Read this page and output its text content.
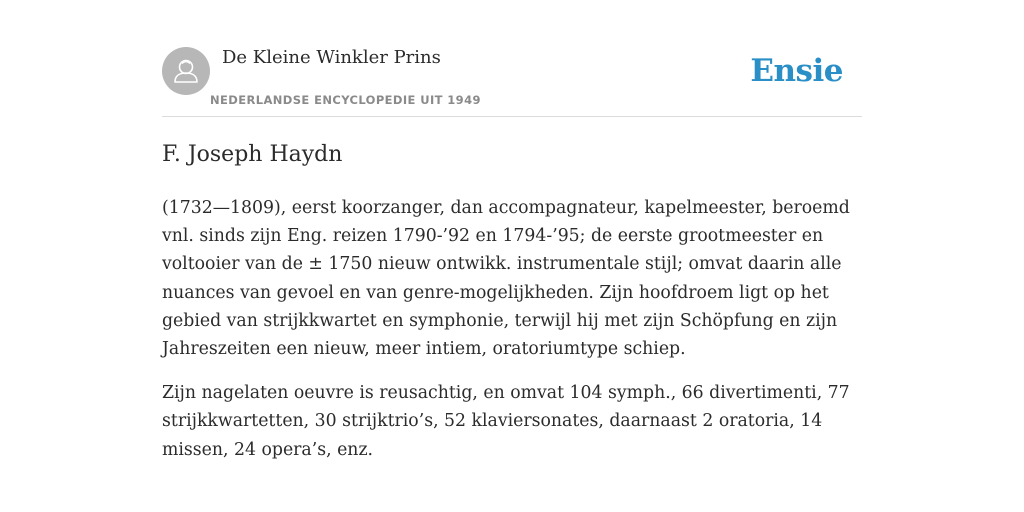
De Kleine Winkler Prins
NEDERLANDSE ENCYCLOPEDIE UIT 1949
Ensie
F. Joseph Haydn

(1732—1809), eerst koorzanger, dan accompagnateur, kapelmeester, beroemd vnl. sinds zijn Eng. reizen 1790-’92 en 1794-’95; de eerste grootmeester en voltooier van de ± 1750 nieuw ontwikk. instrumentale stijl; omvat daarin alle nuances van gevoel en van genre-mogelijkheden. Zijn hoofdroem ligt op het gebied van strijkkwartet en symphonie, terwijl hij met zijn Schöpfung en zijn Jahreszeiten een nieuw, meer intiem, oratoriumtype schiep.

Zijn nagelaten oeuvre is reusachtig, en omvat 104 symph., 66 divertimenti, 77 strijkkwartetten, 30 strijktrio’s, 52 klaviersonates, daarnaast 2 oratoria, 14 missen, 24 opera’s, enz.
